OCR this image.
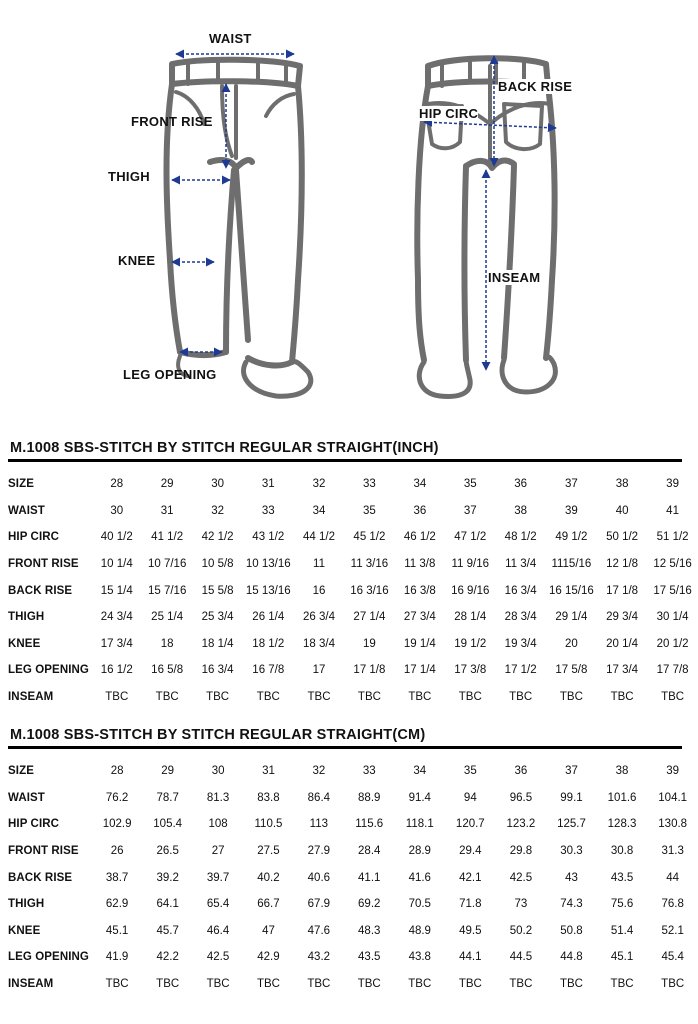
WAIST
FRONT RISE
THIGH
KNEE
LEG OPENING
BACK RISE
HIP CIRC
INSEAM
M.1008 SBS-STITCH BY STITCH REGULAR STRAIGHT(INCH)
SIZE	28	29	30	31	32	33	34	35	36	37	38	39
WAIST	30	31	32	33	34	35	36	37	38	39	40	41
HIP CIRC	40 1/2	41 1/2	42 1/2	43 1/2	44 1/2	45 1/2	46 1/2	47 1/2	48 1/2	49 1/2	50 1/2	51 1/2
FRONT RISE	10 1/4	10 7/16	10 5/8	10 13/16	11	11 3/16	11 3/8	11 9/16	11 3/4	1115/16	12 1/8	12 5/16
BACK RISE	15 1/4	15 7/16	15 5/8	15 13/16	16	16 3/16	16 3/8	16 9/16	16 3/4	16 15/16	17 1/8	17 5/16
THIGH	24 3/4	25 1/4	25 3/4	26 1/4	26 3/4	27 1/4	27 3/4	28 1/4	28 3/4	29 1/4	29 3/4	30 1/4
KNEE	17 3/4	18	18 1/4	18 1/2	18 3/4	19	19 1/4	19 1/2	19 3/4	20	20 1/4	20 1/2
LEG OPENING	16 1/2	16 5/8	16 3/4	16 7/8	17	17 1/8	17 1/4	17 3/8	17 1/2	17 5/8	17 3/4	17 7/8
INSEAM	TBC	TBC	TBC	TBC	TBC	TBC	TBC	TBC	TBC	TBC	TBC	TBC
M.1008 SBS-STITCH BY STITCH REGULAR STRAIGHT(CM)
SIZE	28	29	30	31	32	33	34	35	36	37	38	39
WAIST	76.2	78.7	81.3	83.8	86.4	88.9	91.4	94	96.5	99.1	101.6	104.1
HIP CIRC	102.9	105.4	108	110.5	113	115.6	118.1	120.7	123.2	125.7	128.3	130.8
FRONT RISE	26	26.5	27	27.5	27.9	28.4	28.9	29.4	29.8	30.3	30.8	31.3
BACK RISE	38.7	39.2	39.7	40.2	40.6	41.1	41.6	42.1	42.5	43	43.5	44
THIGH	62.9	64.1	65.4	66.7	67.9	69.2	70.5	71.8	73	74.3	75.6	76.8
KNEE	45.1	45.7	46.4	47	47.6	48.3	48.9	49.5	50.2	50.8	51.4	52.1
LEG OPENING	41.9	42.2	42.5	42.9	43.2	43.5	43.8	44.1	44.5	44.8	45.1	45.4
INSEAM	TBC	TBC	TBC	TBC	TBC	TBC	TBC	TBC	TBC	TBC	TBC	TBC
